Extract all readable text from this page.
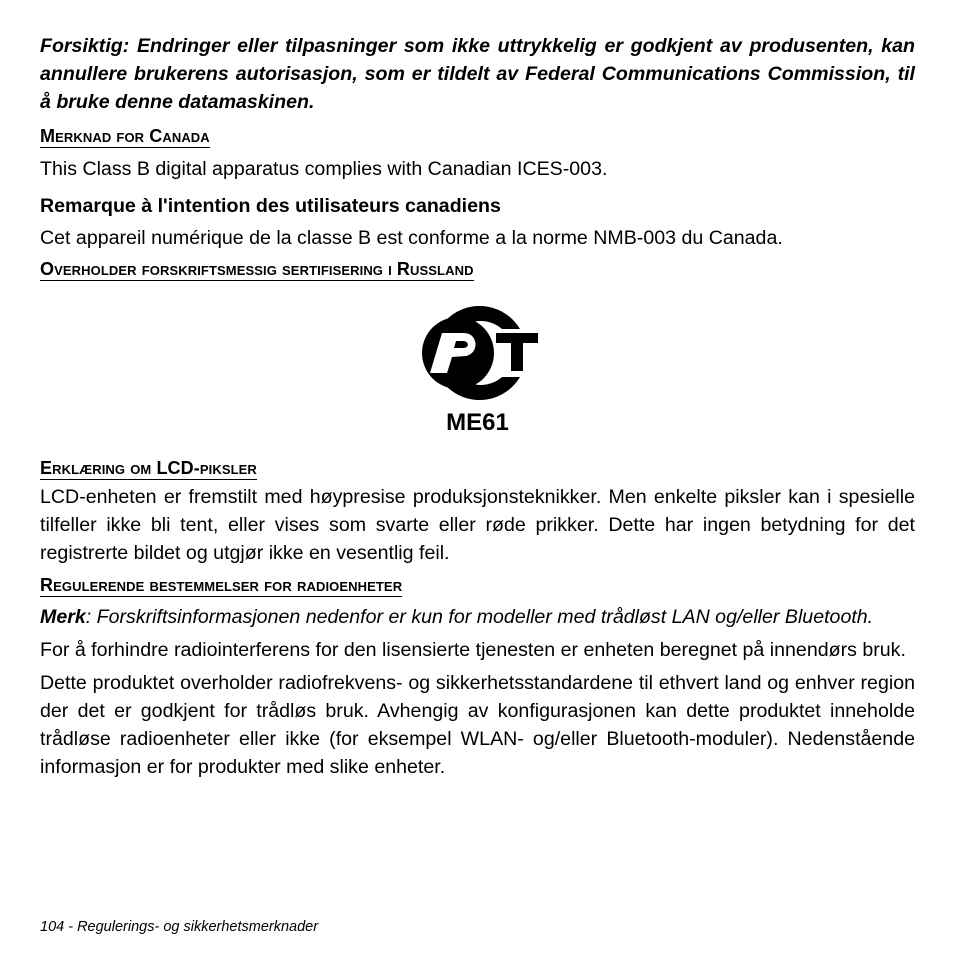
Forsiktig: Endringer eller tilpasninger som ikke uttrykkelig er godkjent av produsenten, kan annullere brukerens autorisasjon, som er tildelt av Federal Communications Commission, til å bruke denne datamaskinen.

Merknad for Canada

This Class B digital apparatus complies with Canadian ICES-003.

Remarque à l'intention des utilisateurs canadiens

Cet appareil numérique de la classe B est conforme a la norme NMB-003 du Canada.

Overholder forskriftsmessig sertifisering i Russland
ME61
Erklæring om LCD-piksler

LCD-enheten er fremstilt med høypresise produksjonsteknikker. Men enkelte piksler kan i spesielle tilfeller ikke bli tent, eller vises som svarte eller røde prikker. Dette har ingen betydning for det registrerte bildet og utgjør ikke en vesentlig feil.

Regulerende bestemmelser for radioenheter

Merk: Forskriftsinformasjonen nedenfor er kun for modeller med trådløst LAN og/eller Bluetooth.

For å forhindre radiointerferens for den lisensierte tjenesten er enheten beregnet på innendørs bruk.

Dette produktet overholder radiofrekvens- og sikkerhetsstandardene til ethvert land og enhver region der det er godkjent for trådløs bruk. Avhengig av konfigurasjonen kan dette produktet inneholde trådløse radioenheter eller ikke (for eksempel WLAN- og/eller Bluetooth-moduler). Nedenstående informasjon er for produkter med slike enheter.

104 - Regulerings- og sikkerhetsmerknader
